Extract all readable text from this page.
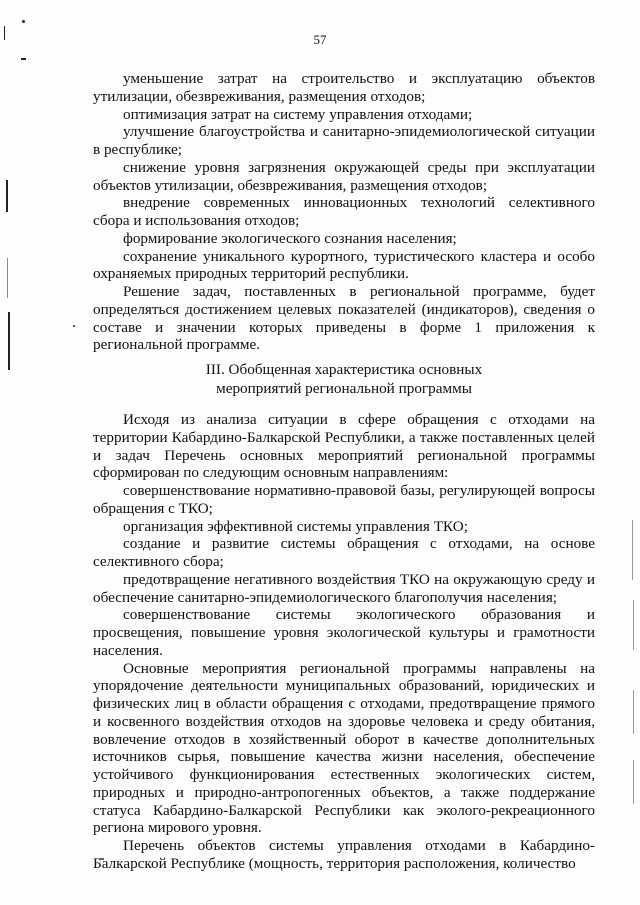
57

уменьшение затрат на строительство и эксплуатацию объектов утилизации, обезвреживания, размещения отходов;

оптимизация затрат на систему управления отходами;

улучшение благоустройства и санитарно-эпидемиологической ситуации в республике;

снижение уровня загрязнения окружающей среды при эксплуатации объектов утилизации, обезвреживания, размещения отходов;

внедрение современных инновационных технологий селективного сбора и использования отходов;

формирование экологического сознания населения;

сохранение уникального курортного, туристического кластера и особо охраняемых природных территорий республики.

Решение задач, поставленных в региональной программе, будет определяться достижением целевых показателей (индикаторов), сведения о составе и значении которых приведены в форме 1 приложения к региональной программе.

III. Обобщенная характеристика основных
мероприятий региональной программы

Исходя из анализа ситуации в сфере обращения с отходами на территории Кабардино-Балкарской Республики, а также поставленных целей и задач Перечень основных мероприятий региональной программы сформирован по следующим основным направлениям:

совершенствование нормативно-правовой базы, регулирующей вопросы обращения с ТКО;

организация эффективной системы управления ТКО;

создание и развитие системы обращения с отходами, на основе селективного сбора;

предотвращение негативного воздействия ТКО на окружающую среду и обеспечение санитарно-эпидемиологического благополучия населения;

совершенствование системы экологического образования и просвещения, повышение уровня экологической культуры и грамотности населения.

Основные мероприятия региональной программы направлены на упорядочение деятельности муниципальных образований, юридических и физических лиц в области обращения с отходами, предотвращение прямого и косвенного воздействия отходов на здоровье человека и среду обитания, вовлечение отходов в хозяйственный оборот в качестве дополнительных источников сырья, повышение качества жизни населения, обеспечение устойчивого функционирования естественных экологических систем, природных и природно-антропогенных объектов, а также поддержание статуса Кабардино-Балкарской Республики как эколого-рекреационного региона мирового уровня.

Перечень объектов системы управления отходами в Кабардино-Балкарской Республике (мощность, территория расположения, количество
